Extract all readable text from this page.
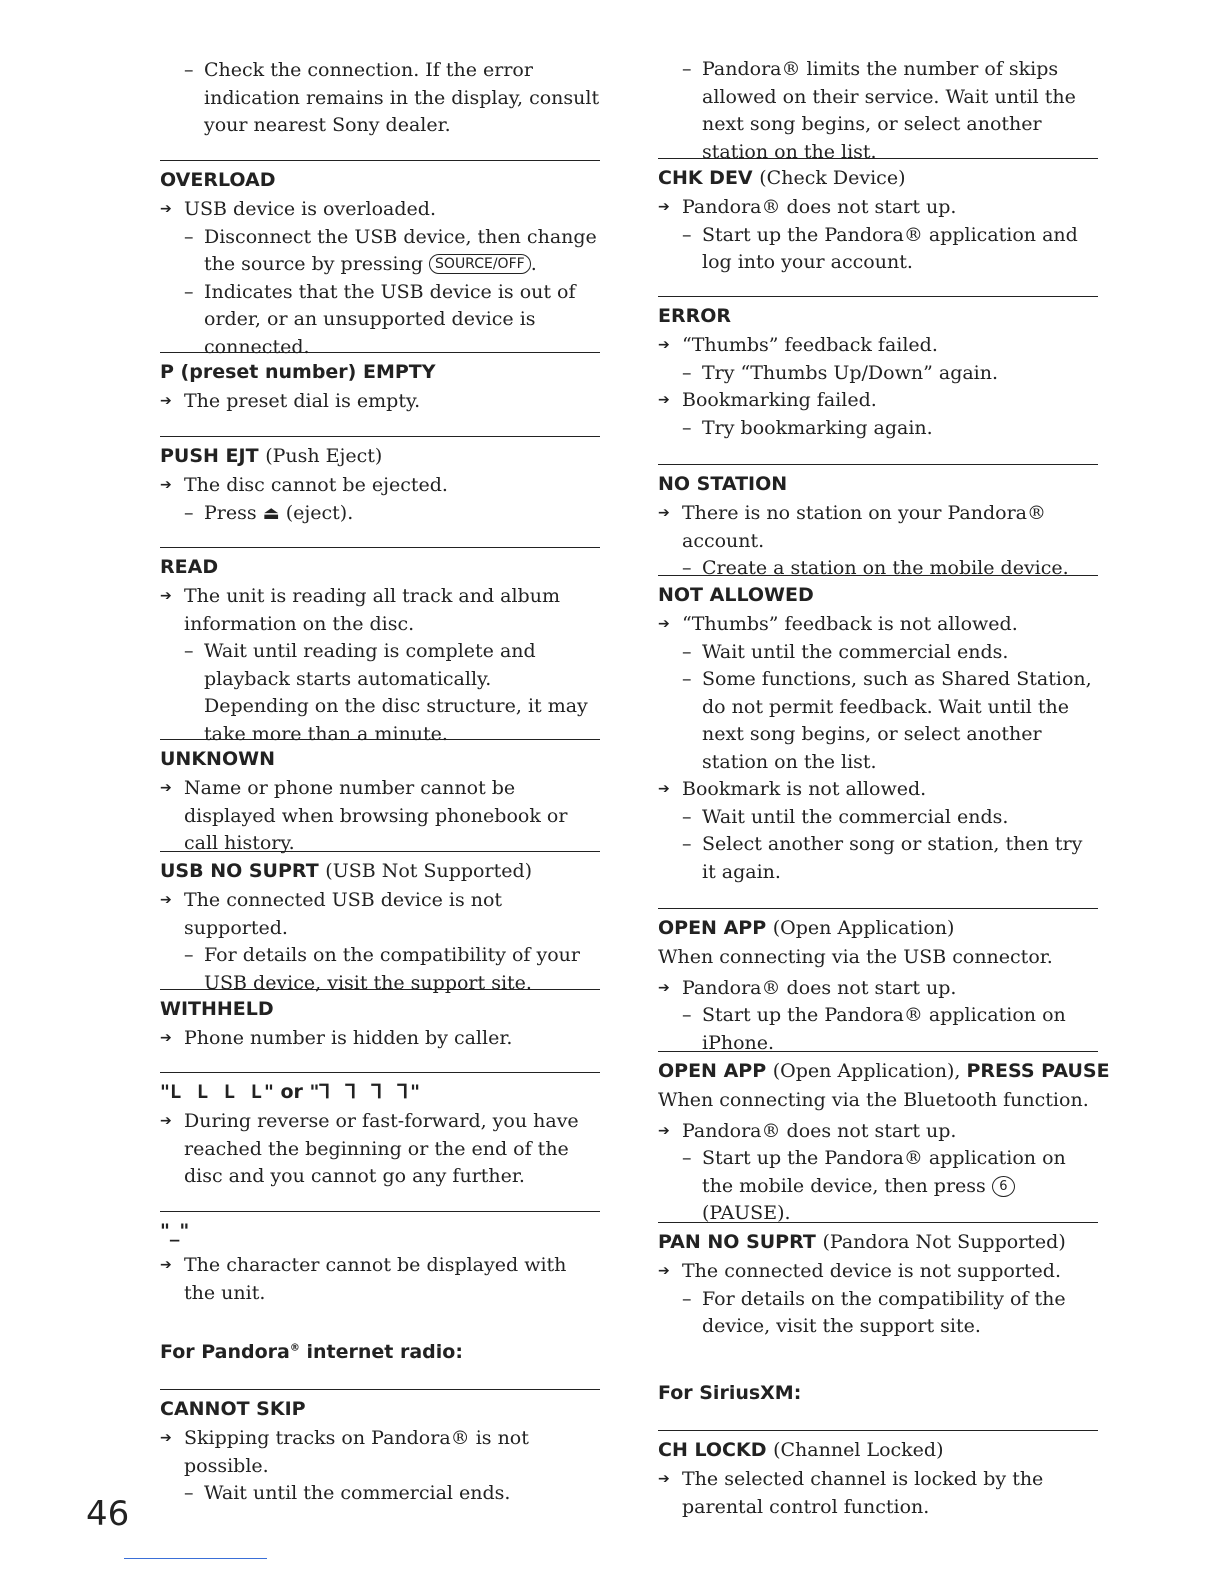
– Check the connection. If the error indication remains in the display, consult your nearest Sony dealer.
OVERLOAD
➔ USB device is overloaded.
– Disconnect the USB device, then change the source by pressing SOURCE/OFF .
– Indicates that the USB device is out of order, or an unsupported device is connected.
P (preset number) EMPTY
➔ The preset dial is empty.
PUSH EJT (Push Eject)
➔ The disc cannot be ejected.
– Press ⏏ (eject).
READ
➔ The unit is reading all track and album information on the disc.
– Wait until reading is complete and playback starts automatically. Depending on the disc structure, it may take more than a minute.
UNKNOWN
➔ Name or phone number cannot be displayed when browsing phonebook or call history.
USB NO SUPRT (USB Not Supported)
➔ The connected USB device is not supported.
– For details on the compatibility of your USB device, visit the support site.
WITHHELD
➔ Phone number is hidden by caller.
"L L L L" or "ꓶ ꓶ ꓶ ꓶ"
➔ During reverse or fast-forward, you have reached the beginning or the end of the disc and you cannot go any further.
"_"
➔ The character cannot be displayed with the unit.
For Pandora® internet radio:
CANNOT SKIP
➔ Skipping tracks on Pandora® is not possible.
– Wait until the commercial ends.
– Pandora® limits the number of skips allowed on their service. Wait until the next song begins, or select another station on the list.
CHK DEV (Check Device)
➔ Pandora® does not start up.
– Start up the Pandora® application and log into your account.
ERROR
➔ “Thumbs” feedback failed.
– Try “Thumbs Up/Down” again.
➔ Bookmarking failed.
– Try bookmarking again.
NO STATION
➔ There is no station on your Pandora® account.
– Create a station on the mobile device.
NOT ALLOWED
➔ “Thumbs” feedback is not allowed.
– Wait until the commercial ends.
– Some functions, such as Shared Station, do not permit feedback. Wait until the next song begins, or select another station on the list.
➔ Bookmark is not allowed.
– Wait until the commercial ends.
– Select another song or station, then try it again.
OPEN APP (Open Application)
When connecting via the USB connector.
➔ Pandora® does not start up.
– Start up the Pandora® application on iPhone.
OPEN APP (Open Application), PRESS PAUSE
When connecting via the Bluetooth function.
➔ Pandora® does not start up.
– Start up the Pandora® application on the mobile device, then press 6 (PAUSE).
PAN NO SUPRT (Pandora Not Supported)
➔ The connected device is not supported.
– For details on the compatibility of the device, visit the support site.
For SiriusXM:
CH LOCKD (Channel Locked)
➔ The selected channel is locked by the parental control function.
46
